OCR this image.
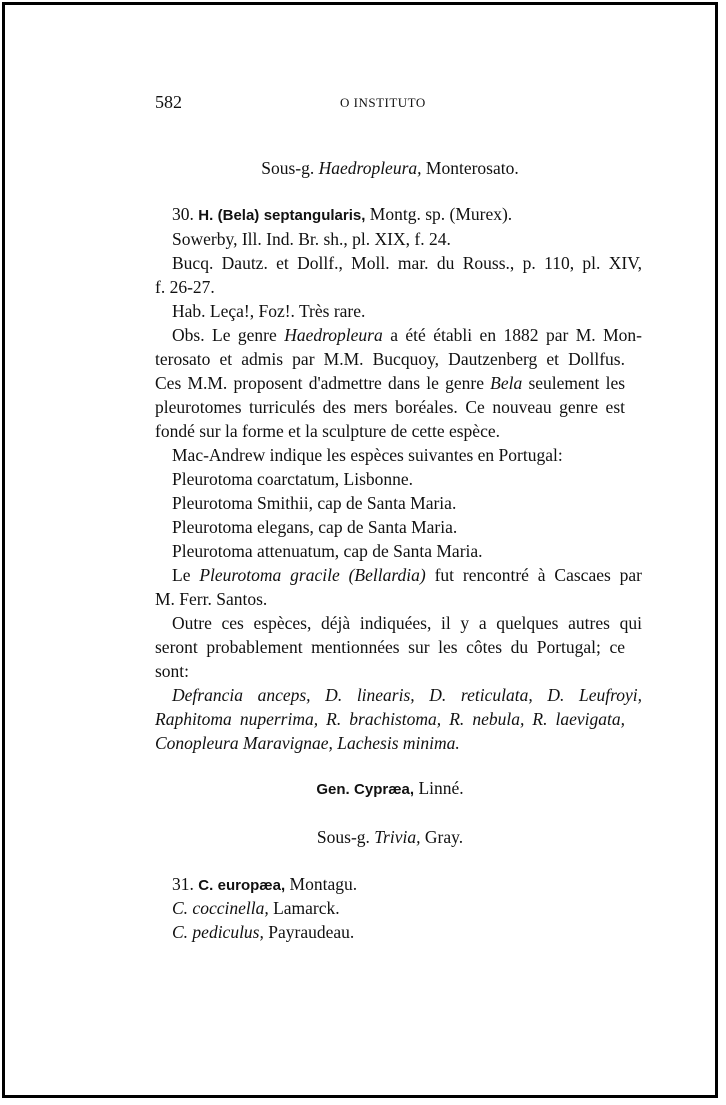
582	O INSTITUTO
Sous-g. Haedropleura, Monterosato.
30. H. (Bela) septangularis, Montg. sp. (Murex).
Sowerby, Ill. Ind. Br. sh., pl. XIX, f. 24.
Bucq. Dautz. et Dollf., Moll. mar. du Rouss., p. 110, pl. XIV,
f. 26-27.
Hab. Leça!, Foz!. Très rare.
Obs. Le genre Haedropleura a été établi en 1882 par M. Mon-
terosato et admis par M.M. Bucquoy, Dautzenberg et Dollfus.
Ces M.M. proposent d'admettre dans le genre Bela seulement les
pleurotomes turriculés des mers boréales. Ce nouveau genre est
fondé sur la forme et la sculpture de cette espèce.
Mac-Andrew indique les espèces suivantes en Portugal:
Pleurotoma coarctatum, Lisbonne.
Pleurotoma Smithii, cap de Santa Maria.
Pleurotoma elegans, cap de Santa Maria.
Pleurotoma attenuatum, cap de Santa Maria.
Le Pleurotoma gracile (Bellardia) fut rencontré à Cascaes par
M. Ferr. Santos.
Outre ces espèces, déjà indiquées, il y a quelques autres qui
seront probablement mentionnées sur les côtes du Portugal; ce
sont:
Defrancia anceps, D. linearis, D. reticulata, D. Leufroyi,
Raphitoma nuperrima, R. brachistoma, R. nebula, R. laevigata,
Conopleura Maravignae, Lachesis minima.
Gen. Cypræa, Linné.
Sous-g. Trivia, Gray.
31. C. europæa, Montagu.
C. coccinella, Lamarck.
C. pediculus, Payraudeau.
